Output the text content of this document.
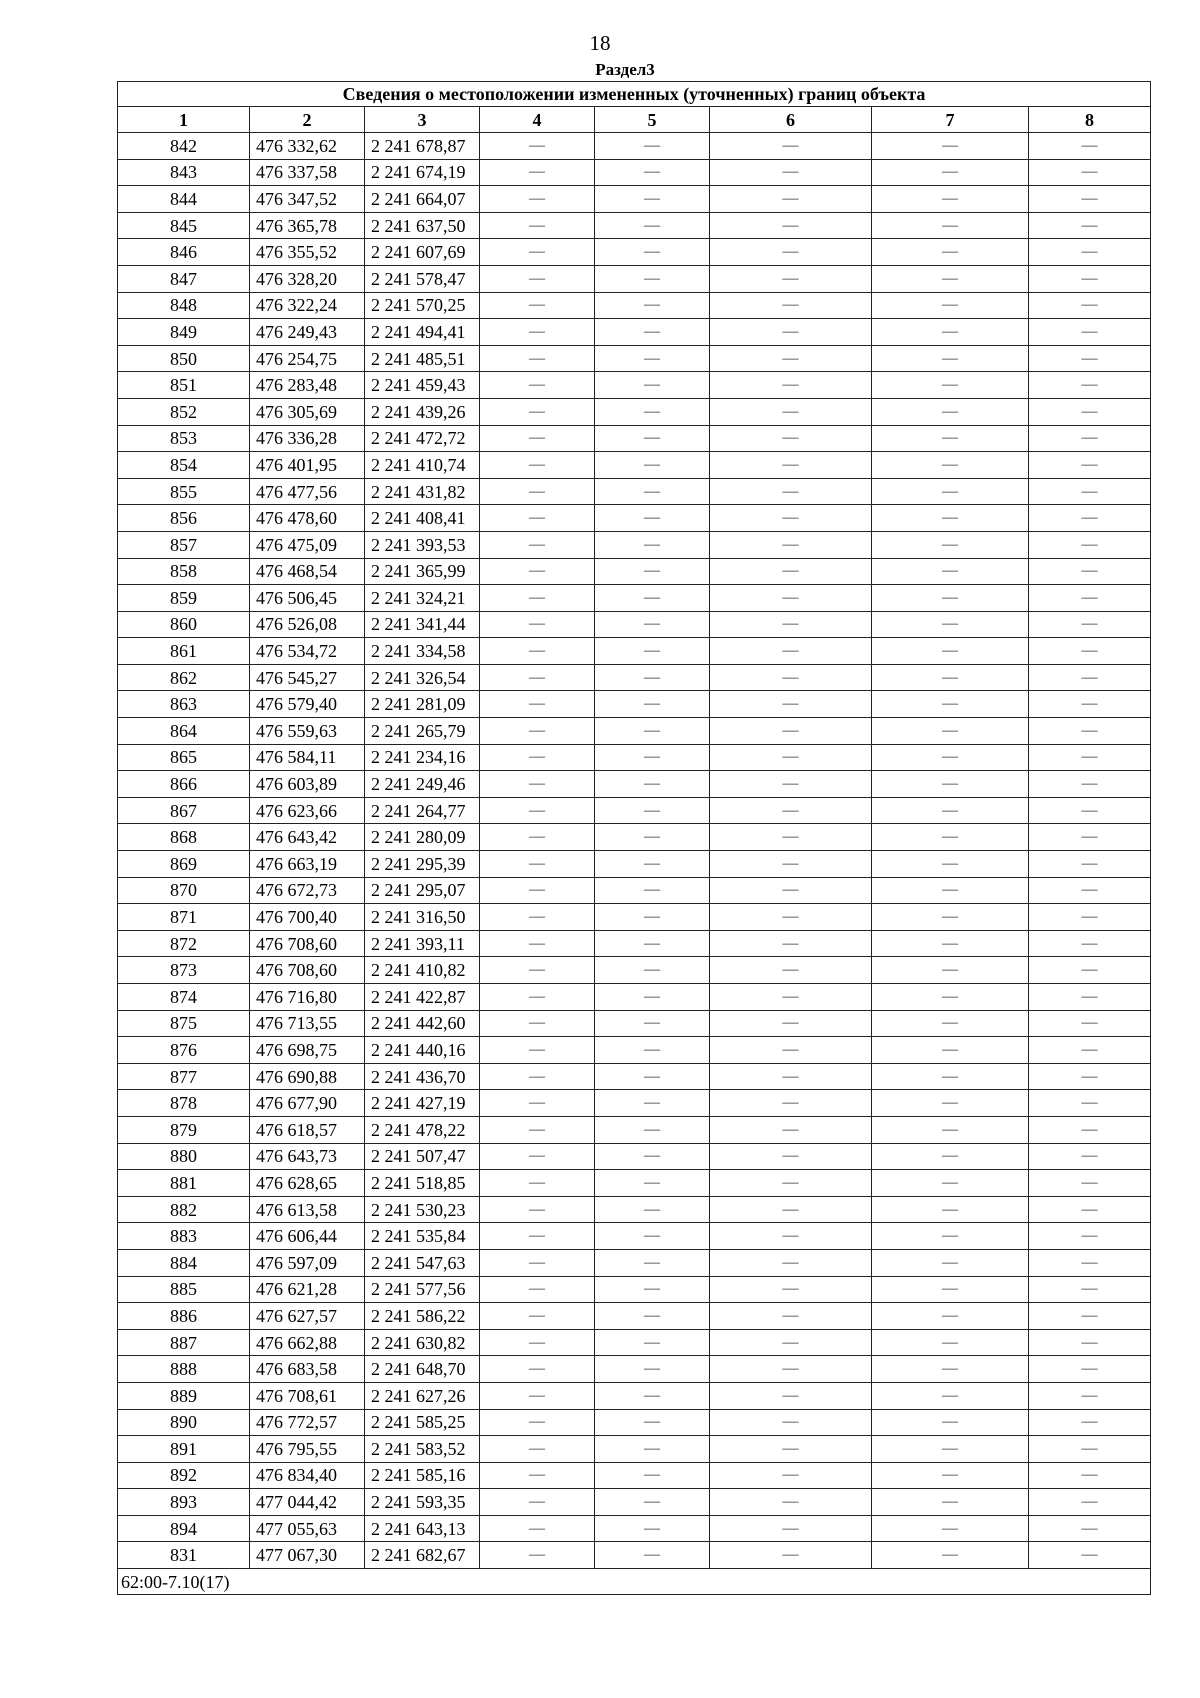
18
Раздел3
Сведения о местоположении измененных (уточненных) границ объекта							
1	2	3	4	5	6	7	8
842	476 332,62	2 241 678,87	—	—	—	—	—
843	476 337,58	2 241 674,19	—	—	—	—	—
844	476 347,52	2 241 664,07	—	—	—	—	—
845	476 365,78	2 241 637,50	—	—	—	—	—
846	476 355,52	2 241 607,69	—	—	—	—	—
847	476 328,20	2 241 578,47	—	—	—	—	—
848	476 322,24	2 241 570,25	—	—	—	—	—
849	476 249,43	2 241 494,41	—	—	—	—	—
850	476 254,75	2 241 485,51	—	—	—	—	—
851	476 283,48	2 241 459,43	—	—	—	—	—
852	476 305,69	2 241 439,26	—	—	—	—	—
853	476 336,28	2 241 472,72	—	—	—	—	—
854	476 401,95	2 241 410,74	—	—	—	—	—
855	476 477,56	2 241 431,82	—	—	—	—	—
856	476 478,60	2 241 408,41	—	—	—	—	—
857	476 475,09	2 241 393,53	—	—	—	—	—
858	476 468,54	2 241 365,99	—	—	—	—	—
859	476 506,45	2 241 324,21	—	—	—	—	—
860	476 526,08	2 241 341,44	—	—	—	—	—
861	476 534,72	2 241 334,58	—	—	—	—	—
862	476 545,27	2 241 326,54	—	—	—	—	—
863	476 579,40	2 241 281,09	—	—	—	—	—
864	476 559,63	2 241 265,79	—	—	—	—	—
865	476 584,11	2 241 234,16	—	—	—	—	—
866	476 603,89	2 241 249,46	—	—	—	—	—
867	476 623,66	2 241 264,77	—	—	—	—	—
868	476 643,42	2 241 280,09	—	—	—	—	—
869	476 663,19	2 241 295,39	—	—	—	—	—
870	476 672,73	2 241 295,07	—	—	—	—	—
871	476 700,40	2 241 316,50	—	—	—	—	—
872	476 708,60	2 241 393,11	—	—	—	—	—
873	476 708,60	2 241 410,82	—	—	—	—	—
874	476 716,80	2 241 422,87	—	—	—	—	—
875	476 713,55	2 241 442,60	—	—	—	—	—
876	476 698,75	2 241 440,16	—	—	—	—	—
877	476 690,88	2 241 436,70	—	—	—	—	—
878	476 677,90	2 241 427,19	—	—	—	—	—
879	476 618,57	2 241 478,22	—	—	—	—	—
880	476 643,73	2 241 507,47	—	—	—	—	—
881	476 628,65	2 241 518,85	—	—	—	—	—
882	476 613,58	2 241 530,23	—	—	—	—	—
883	476 606,44	2 241 535,84	—	—	—	—	—
884	476 597,09	2 241 547,63	—	—	—	—	—
885	476 621,28	2 241 577,56	—	—	—	—	—
886	476 627,57	2 241 586,22	—	—	—	—	—
887	476 662,88	2 241 630,82	—	—	—	—	—
888	476 683,58	2 241 648,70	—	—	—	—	—
889	476 708,61	2 241 627,26	—	—	—	—	—
890	476 772,57	2 241 585,25	—	—	—	—	—
891	476 795,55	2 241 583,52	—	—	—	—	—
892	476 834,40	2 241 585,16	—	—	—	—	—
893	477 044,42	2 241 593,35	—	—	—	—	—
894	477 055,63	2 241 643,13	—	—	—	—	—
831	477 067,30	2 241 682,67	—	—	—	—	—
62:00-7.10(17)							
